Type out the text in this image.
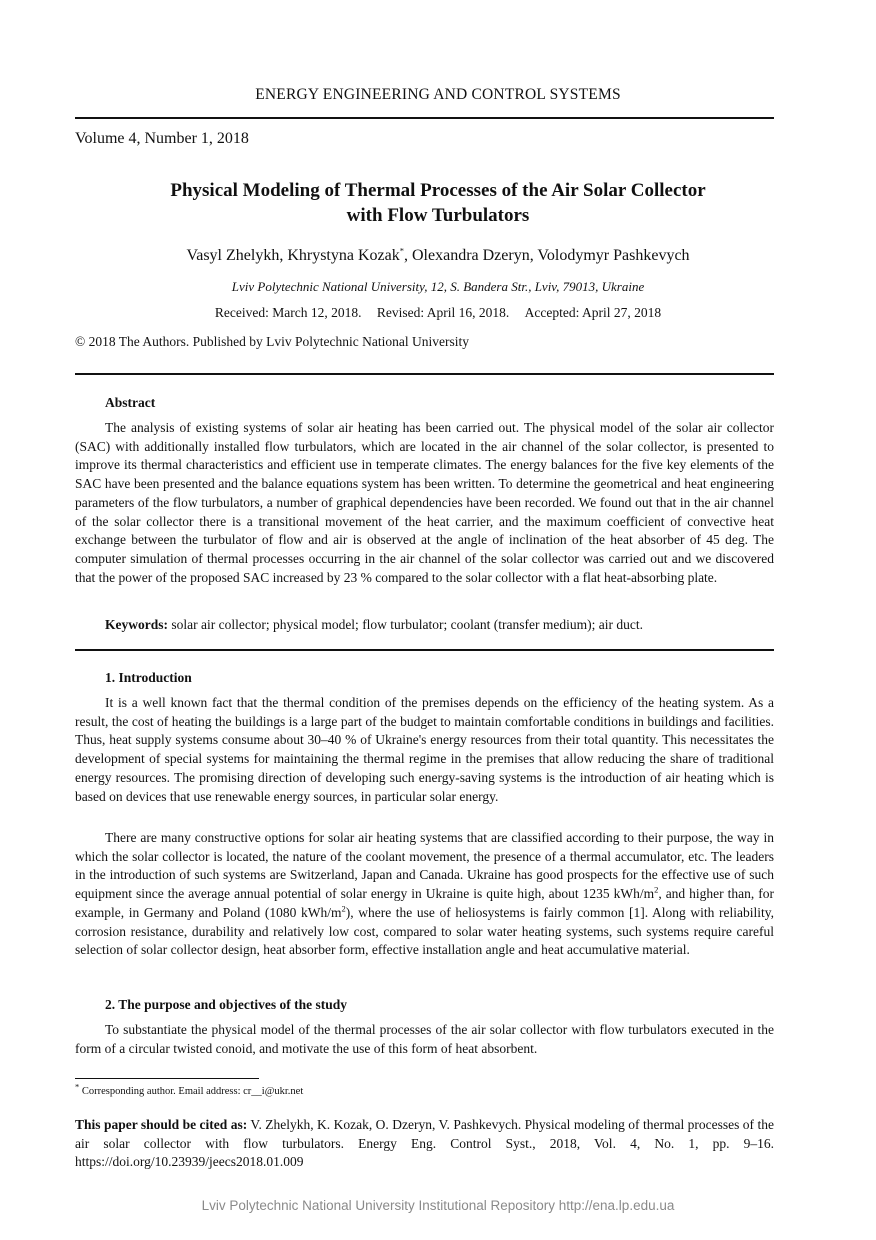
ENERGY ENGINEERING AND CONTROL SYSTEMS
Volume 4, Number 1, 2018
Physical Modeling of Thermal Processes of the Air Solar Collector
with Flow Turbulators
Vasyl Zhelykh, Khrystyna Kozak*, Olexandra Dzeryn, Volodymyr Pashkevych
Lviv Polytechnic National University, 12, S. Bandera Str., Lviv, 79013, Ukraine
Received: March 12, 2018. Revised: April 16, 2018. Accepted: April 27, 2018
© 2018 The Authors. Published by Lviv Polytechnic National University
Abstract
The analysis of existing systems of solar air heating has been carried out. The physical model of the solar air collector (SAC) with additionally installed flow turbulators, which are located in the air channel of the solar collector, is presented to improve its thermal characteristics and efficient use in temperate climates. The energy balances for the five key elements of the SAC have been presented and the balance equations system has been written. To determine the geometrical and heat engineering parameters of the flow turbulators, a number of graphical dependencies have been recorded. We found out that in the air channel of the solar collector there is a transitional movement of the heat carrier, and the maximum coefficient of convective heat exchange between the turbulator of flow and air is observed at the angle of inclination of the heat absorber of 45 deg. The computer simulation of thermal processes occurring in the air channel of the solar collector was carried out and we discovered that the power of the proposed SAC increased by 23 % compared to the solar collector with a flat heat-absorbing plate.
Keywords: solar air collector; physical model; flow turbulator; coolant (transfer medium); air duct.
1. Introduction
It is a well known fact that the thermal condition of the premises depends on the efficiency of the heating system. As a result, the cost of heating the buildings is a large part of the budget to maintain comfortable conditions in buildings and facilities. Thus, heat supply systems consume about 30–40 % of Ukraine's energy resources from their total quantity. This necessitates the development of special systems for maintaining the thermal regime in the premises that allow reducing the share of traditional energy resources. The promising direction of developing such energy-saving systems is the introduction of air heating which is based on devices that use renewable energy sources, in particular solar energy.
There are many constructive options for solar air heating systems that are classified according to their purpose, the way in which the solar collector is located, the nature of the coolant movement, the presence of a thermal accumulator, etc. The leaders in the introduction of such systems are Switzerland, Japan and Canada. Ukraine has good prospects for the effective use of such equipment since the average annual potential of solar energy in Ukraine is quite high, about 1235 kWh/$m^2$, and higher than, for example, in Germany and Poland (1080 kWh/$m^2$), where the use of heliosystems is fairly common [1]. Along with reliability, corrosion resistance, durability and relatively low cost, compared to solar water heating systems, such systems require careful selection of solar collector design, heat absorber form, effective installation angle and heat accumulative material.
2. The purpose and objectives of the study
To substantiate the physical model of the thermal processes of the air solar collector with flow turbulators executed in the form of a circular twisted conoid, and motivate the use of this form of heat absorbent.
* Corresponding author. Email address: cr__i@ukr.net
This paper should be cited as: V. Zhelykh, K. Kozak, O. Dzeryn, V. Pashkevych. Physical modeling of thermal processes of the air solar collector with flow turbulators. Energy Eng. Control Syst., 2018, Vol. 4, No. 1, pp. 9–16. https://doi.org/10.23939/jeecs2018.01.009
Lviv Polytechnic National University Institutional Repository http://ena.lp.edu.ua
